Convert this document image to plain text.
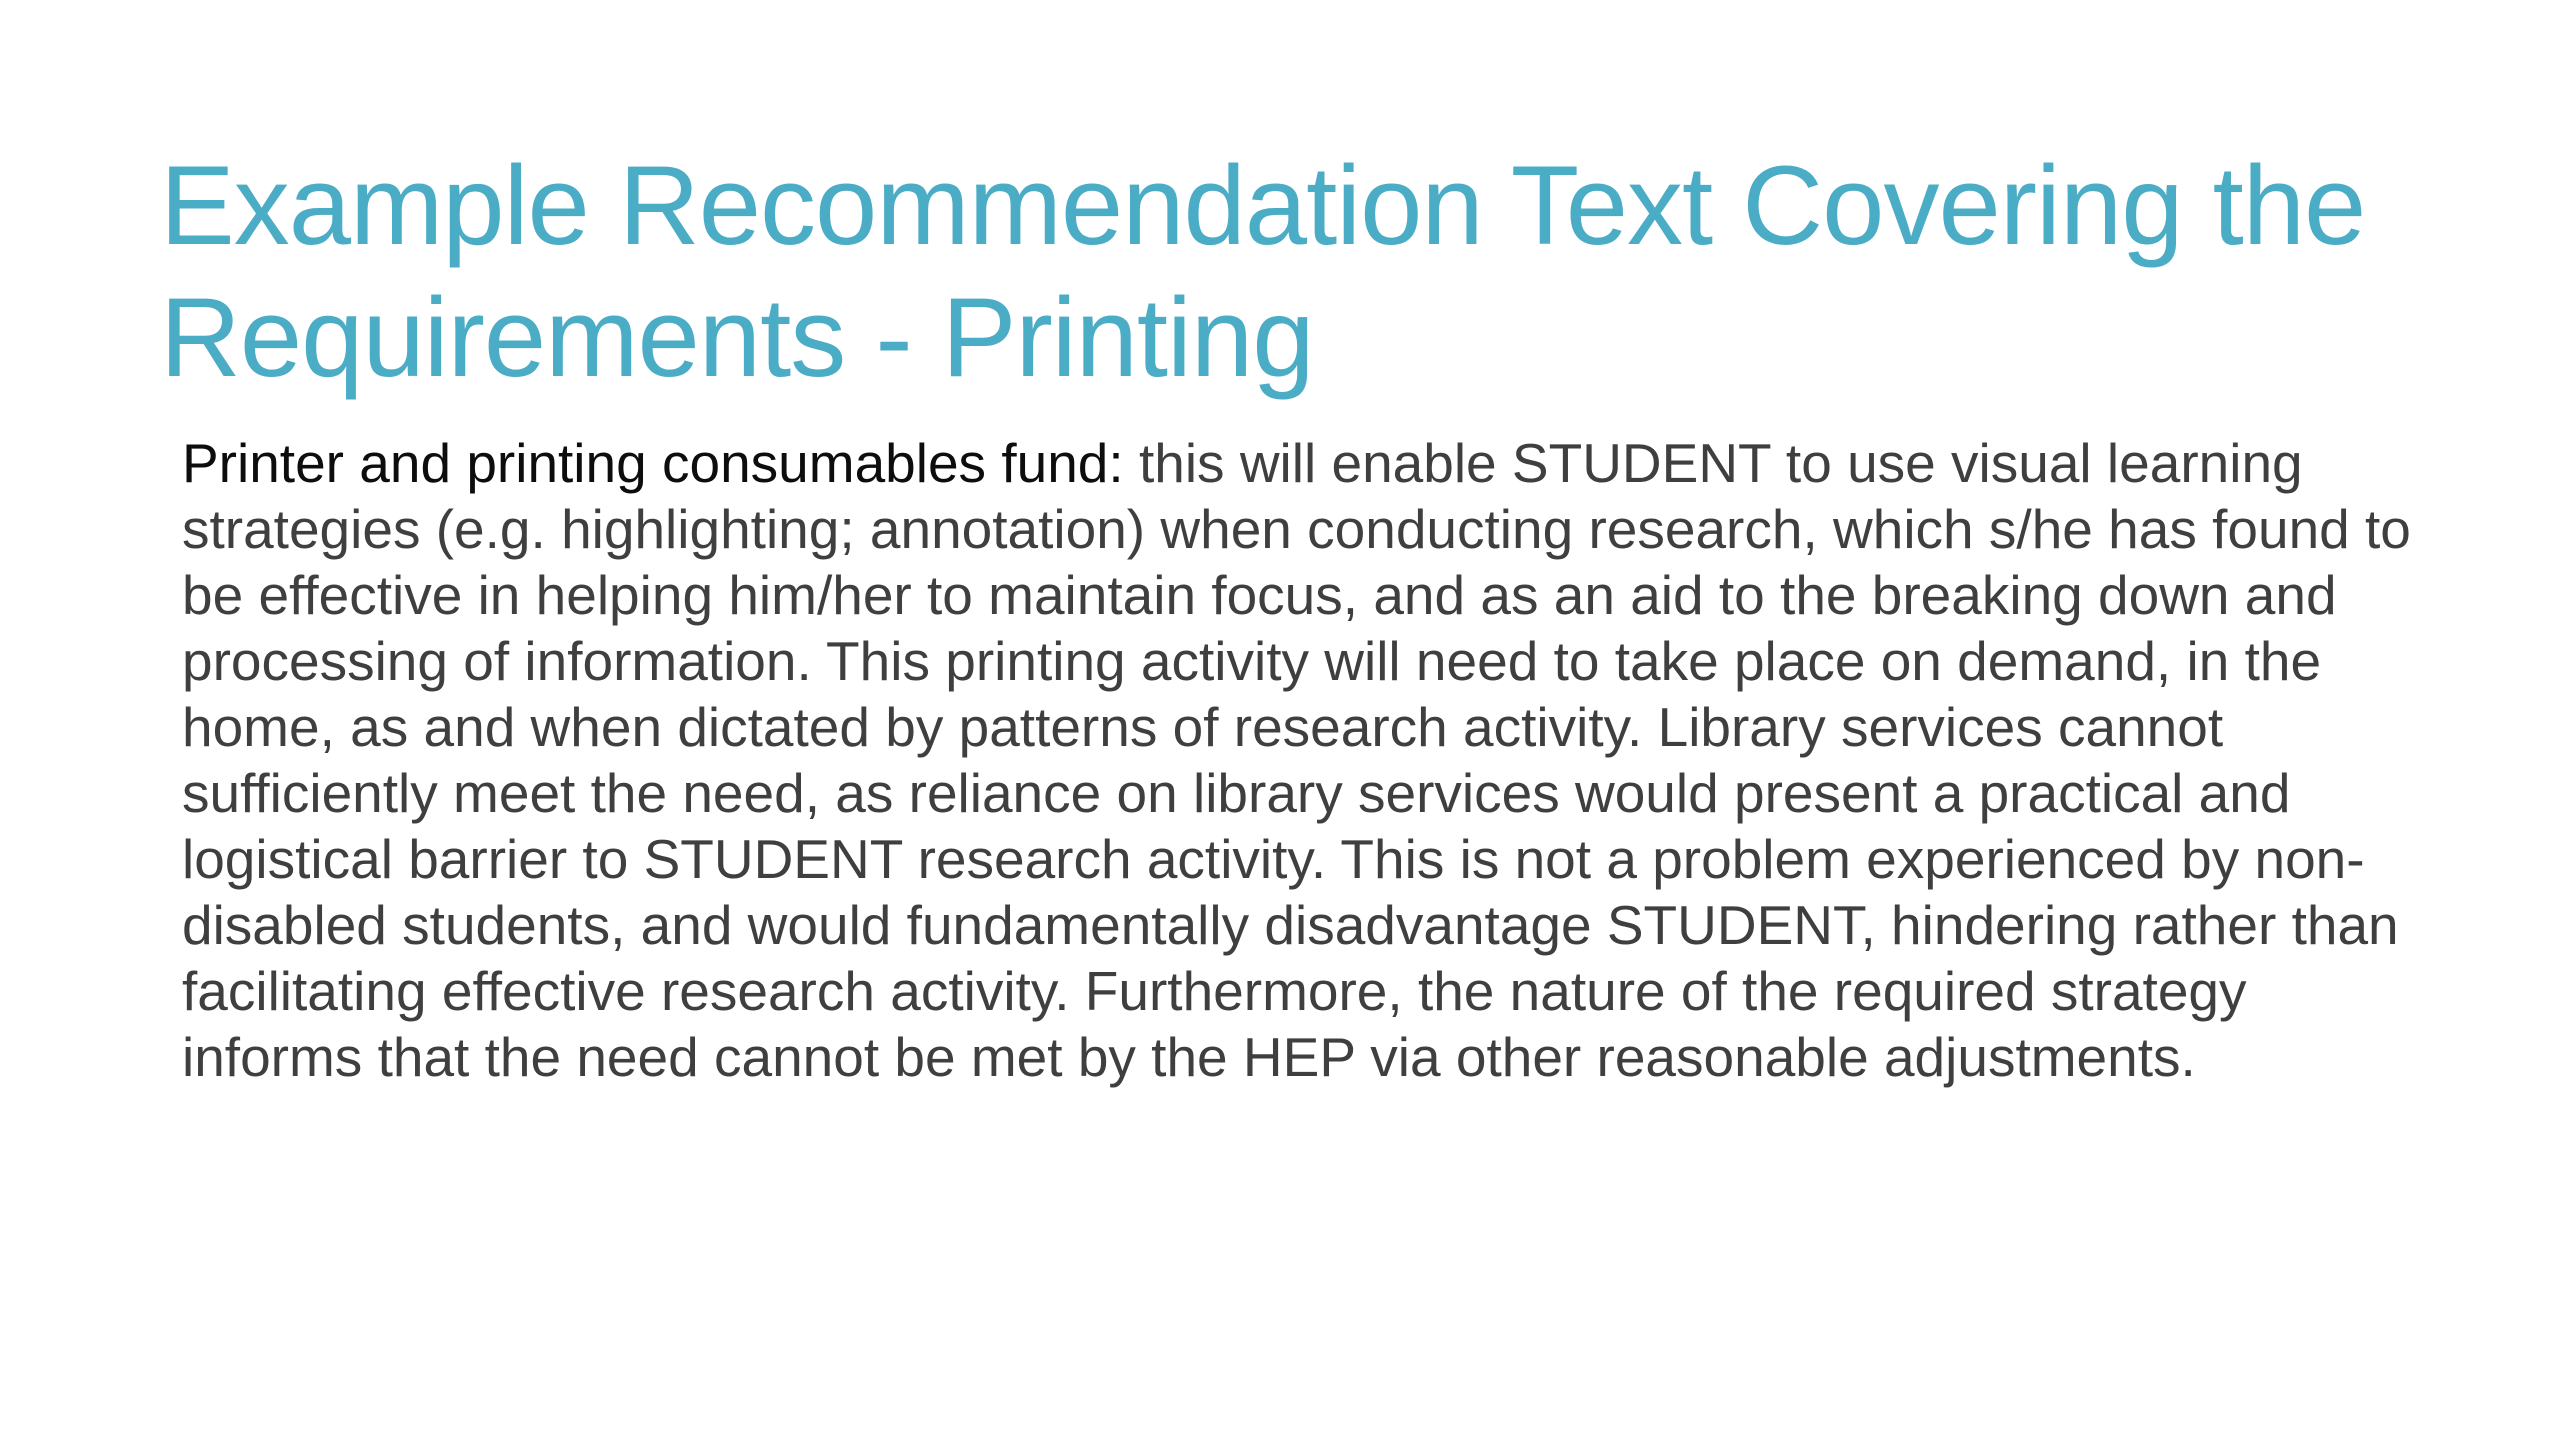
Example Recommendation Text Covering the Requirements - Printing

Printer and printing consumables fund: this will enable STUDENT to use visual learning strategies (e.g. highlighting; annotation) when conducting research, which s/he has found to be effective in helping him/her to maintain focus, and as an aid to the breaking down and processing of information. This printing activity will need to take place on demand, in the home, as and when dictated by patterns of research activity. Library services cannot sufficiently meet the need, as reliance on library services would present a practical and logistical barrier to STUDENT research activity. This is not a problem experienced by non-disabled students, and would fundamentally disadvantage STUDENT, hindering rather than facilitating effective research activity. Furthermore, the nature of the required strategy informs that the need cannot be met by the HEP via other reasonable adjustments.
